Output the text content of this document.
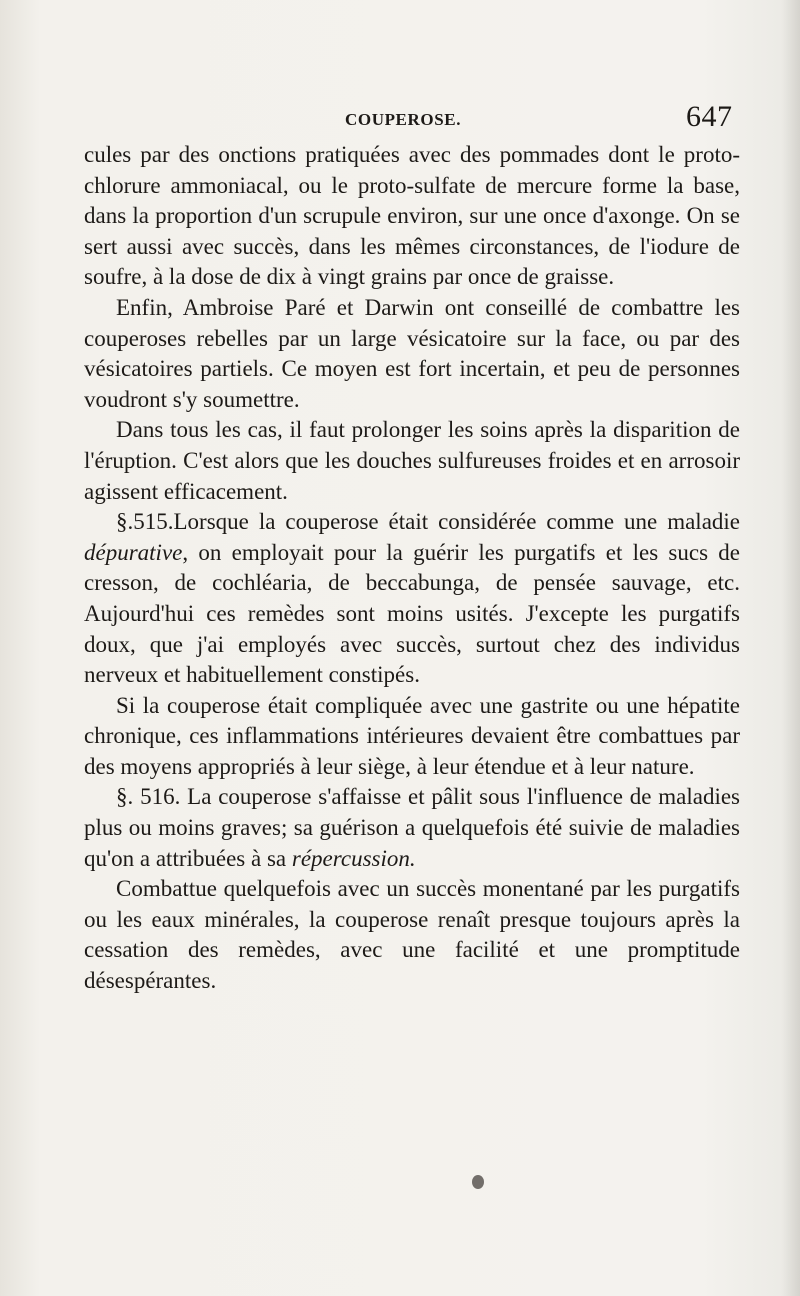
COUPEROSE.	647

cules par des onctions pratiquées avec des pommades dont le proto-chlorure ammoniacal, ou le proto-sulfate de mercure forme la base, dans la proportion d'un scrupule environ, sur une once d'axonge. On se sert aussi avec succès, dans les mêmes circonstances, de l'iodure de soufre, à la dose de dix à vingt grains par once de graisse.

Enfin, Ambroise Paré et Darwin ont conseillé de combattre les couperoses rebelles par un large vésicatoire sur la face, ou par des vésicatoires partiels. Ce moyen est fort incertain, et peu de personnes voudront s'y soumettre.

Dans tous les cas, il faut prolonger les soins après la disparition de l'éruption. C'est alors que les douches sulfureuses froides et en arrosoir agissent efficacement.

§.515.Lorsque la couperose était considérée comme une maladie dépurative, on employait pour la guérir les purgatifs et les sucs de cresson, de cochléaria, de beccabunga, de pensée sauvage, etc. Aujourd'hui ces remèdes sont moins usités. J'excepte les purgatifs doux, que j'ai employés avec succès, surtout chez des individus nerveux et habituellement constipés.

Si la couperose était compliquée avec une gastrite ou une hépatite chronique, ces inflammations intérieures devaient être combattues par des moyens appropriés à leur siège, à leur étendue et à leur nature.

§. 516. La couperose s'affaisse et pâlit sous l'influence de maladies plus ou moins graves; sa guérison a quelquefois été suivie de maladies qu'on a attribuées à sa répercussion.

Combattue quelquefois avec un succès monentané par les purgatifs ou les eaux minérales, la couperose renaît presque toujours après la cessation des remèdes, avec une facilité et une promptitude désespérantes.
